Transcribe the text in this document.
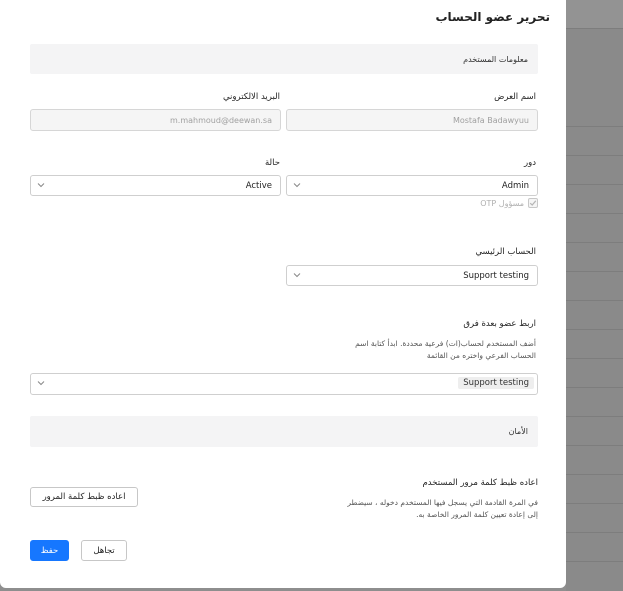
تحرير عضو الحساب
معلومات المستخدم
اسم العرض
Mostafa Badawyuu
البريد الالكتروني
m.mahmoud@deewan.sa
دور
Admin
حالة
Active
مسؤول OTP
الحساب الرئيسي
Support testing
اربط عضو بعدة فرق
أضف المستخدم لحساب(ات) فرعية محددة. ابدأ كتابة اسم
الحساب الفرعي واختره من القائمة
Support testing
الأمان
اعاده ظبط كلمة مرور المستخدم
في المرة القادمة التي يسجل فيها المستخدم دخوله ، سيضطر
إلى إعادة تعيين كلمة المرور الخاصة به.
اعاده ظبط كلمة المرور
حفظ	تجاهل
